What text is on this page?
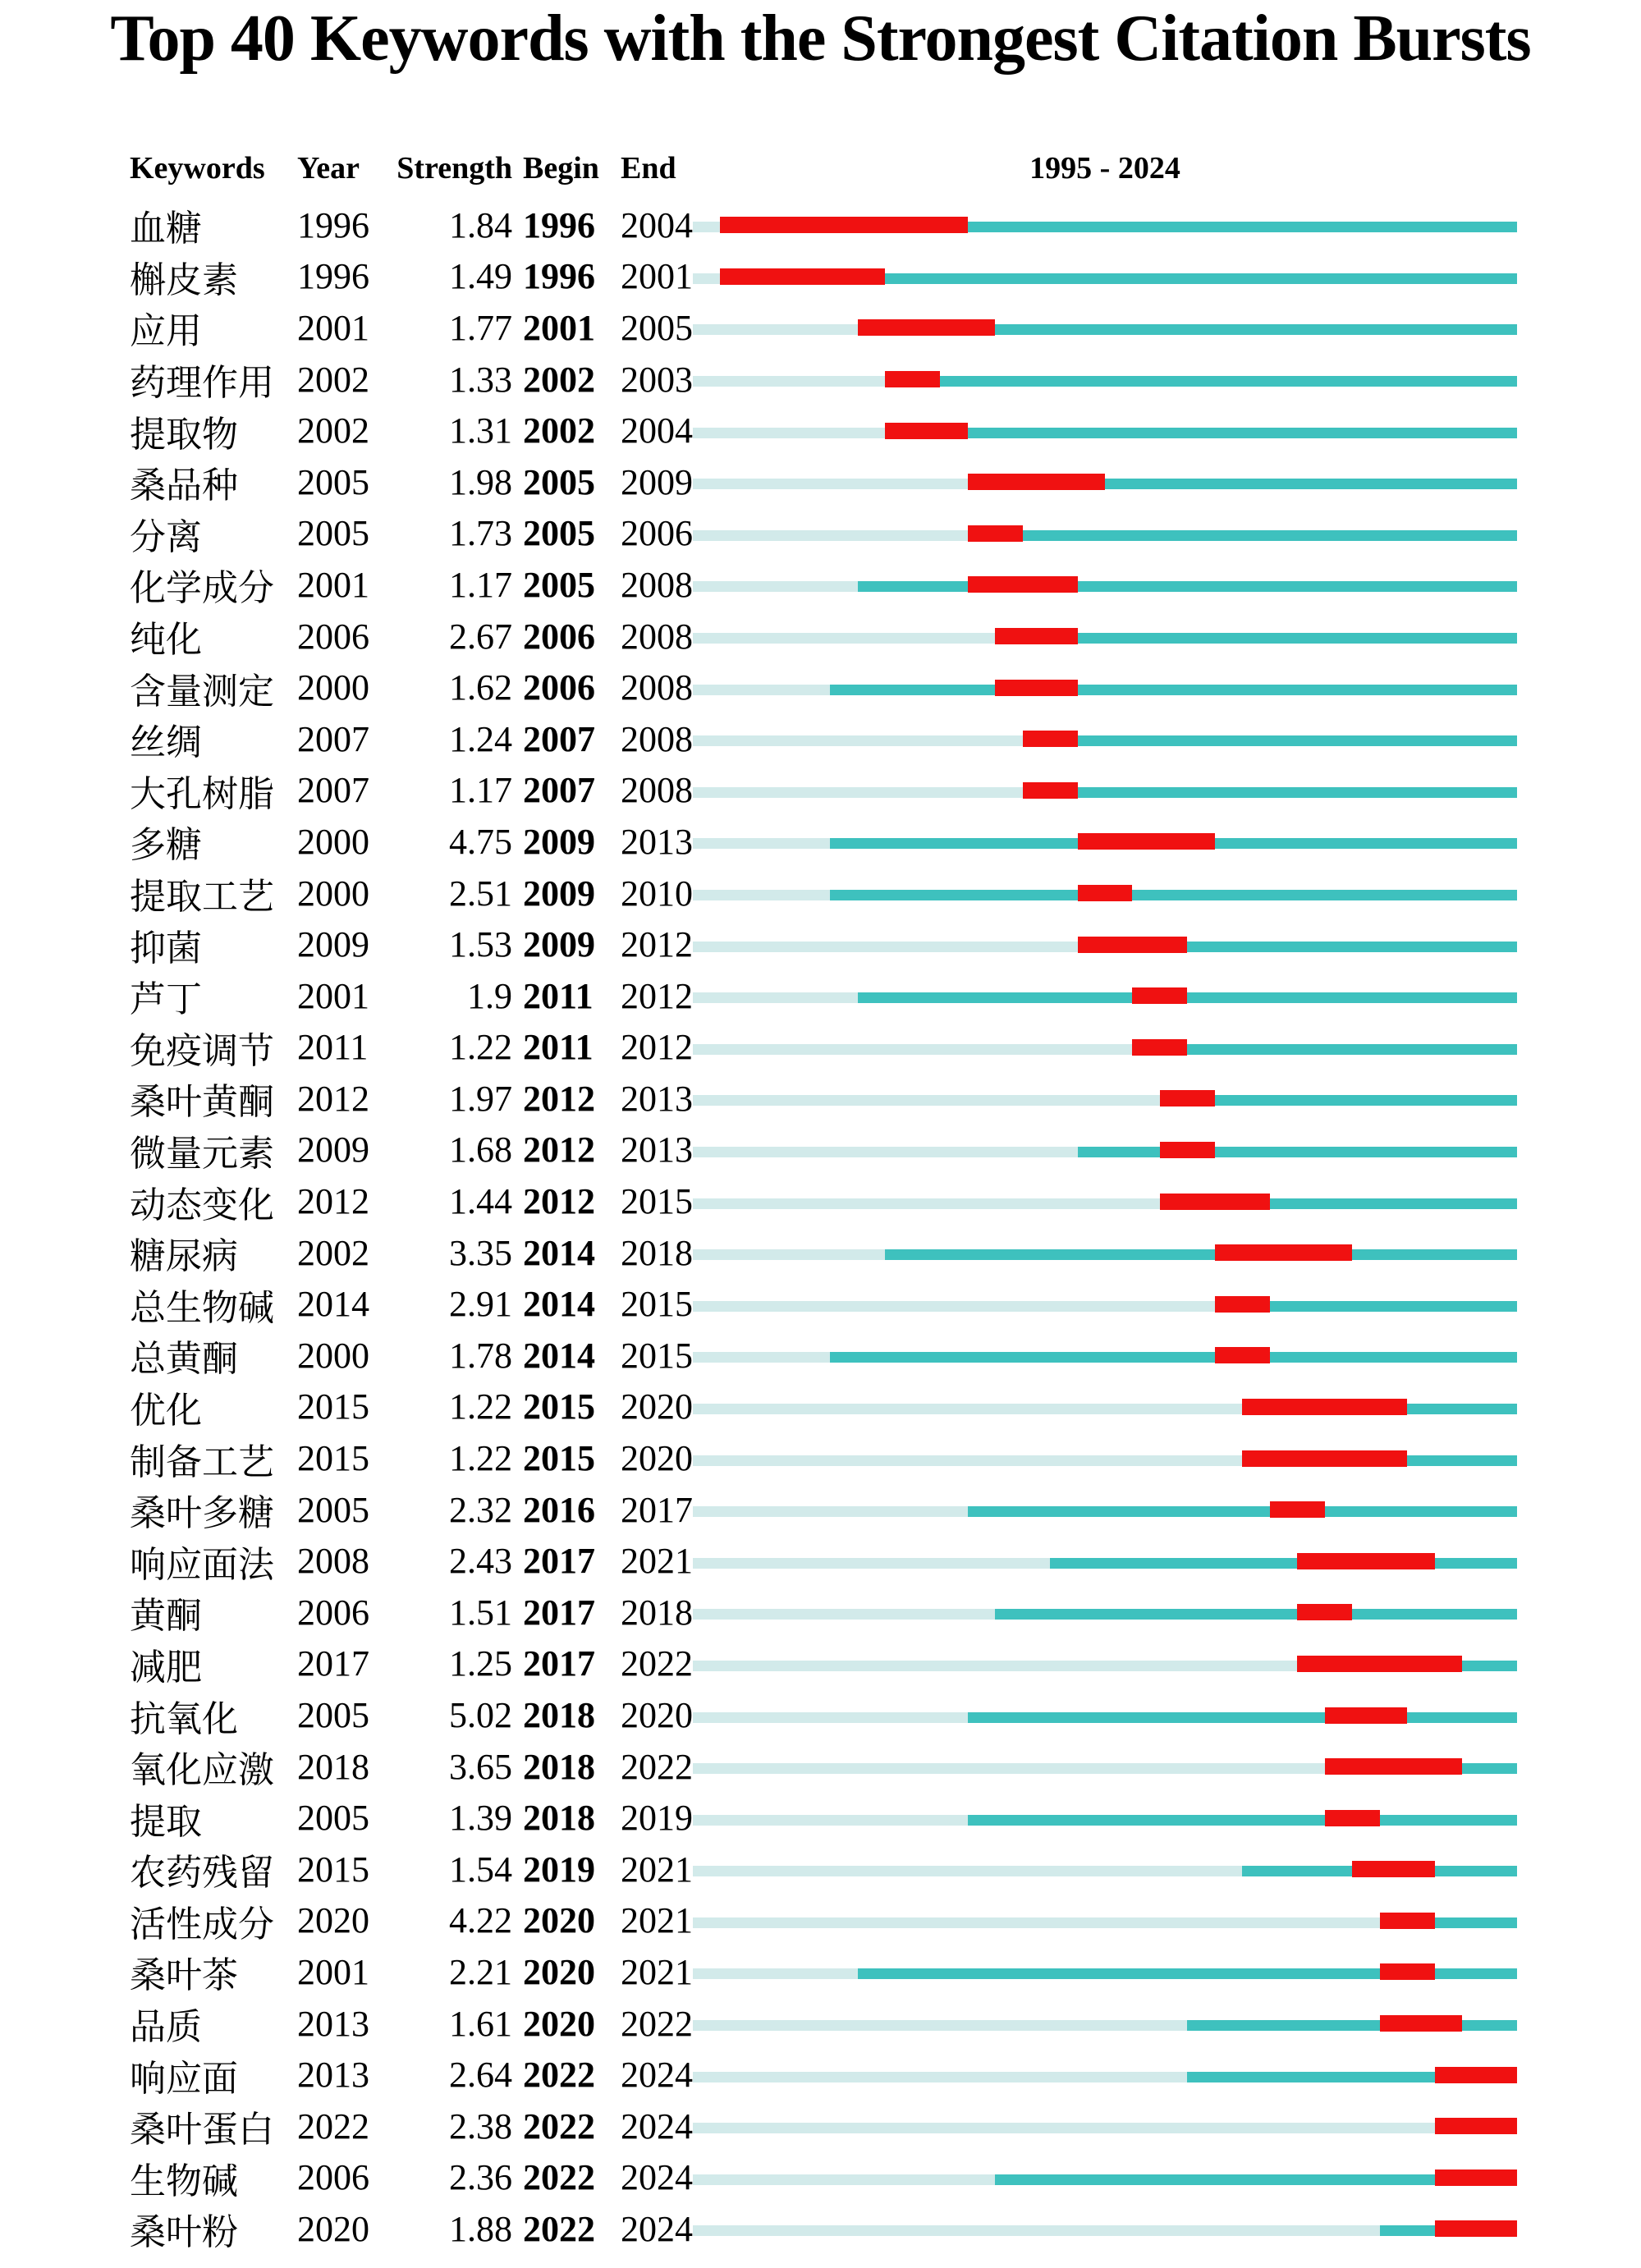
Top 40 Keywords with the Strongest Citation Bursts
Keywords	Year	Strength Begin End	1995 - 2024
血糖	1996	1.84 1996 2004
槲皮素	1996	1.49 1996 2001
应用	2001	1.77 2001 2005
药理作用 2002	1.33 2002 2003
提取物	2002	1.31 2002 2004
桑品种	2005	1.98 2005 2009
分离	2005	1.73 2005 2006
化学成分 2001	1.17 2005 2008
纯化	2006	2.67 2006 2008
含量测定 2000	1.62 2006 2008
丝绸	2007	1.24 2007 2008
大孔树脂 2007	1.17 2007 2008
多糖	2000	4.75 2009 2013
提取工艺 2000	2.51 2009 2010
抑菌	2009	1.53 2009 2012
芦丁	2001	1.9 2011 2012
免疫调节 2011	1.22 2011 2012
桑叶黄酮 2012	1.97 2012 2013
微量元素 2009	1.68 2012 2013
动态变化 2012	1.44 2012 2015
糖尿病	2002	3.35 2014 2018
总生物碱 2014	2.91 2014 2015
总黄酮	2000	1.78 2014 2015
优化	2015	1.22 2015 2020
制备工艺 2015	1.22 2015 2020
桑叶多糖 2005	2.32 2016 2017
响应面法 2008	2.43 2017 2021
黄酮	2006	1.51 2017 2018
减肥	2017	1.25 2017 2022
抗氧化	2005	5.02 2018 2020
氧化应激 2018	3.65 2018 2022
提取	2005	1.39 2018 2019
农药残留 2015	1.54 2019 2021
活性成分 2020	4.22 2020 2021
桑叶茶	2001	2.21 2020 2021
品质	2013	1.61 2020 2022
响应面	2013	2.64 2022 2024
桑叶蛋白 2022	2.38 2022 2024
生物碱	2006	2.36 2022 2024
桑叶粉	2020	1.88 2022 2024
